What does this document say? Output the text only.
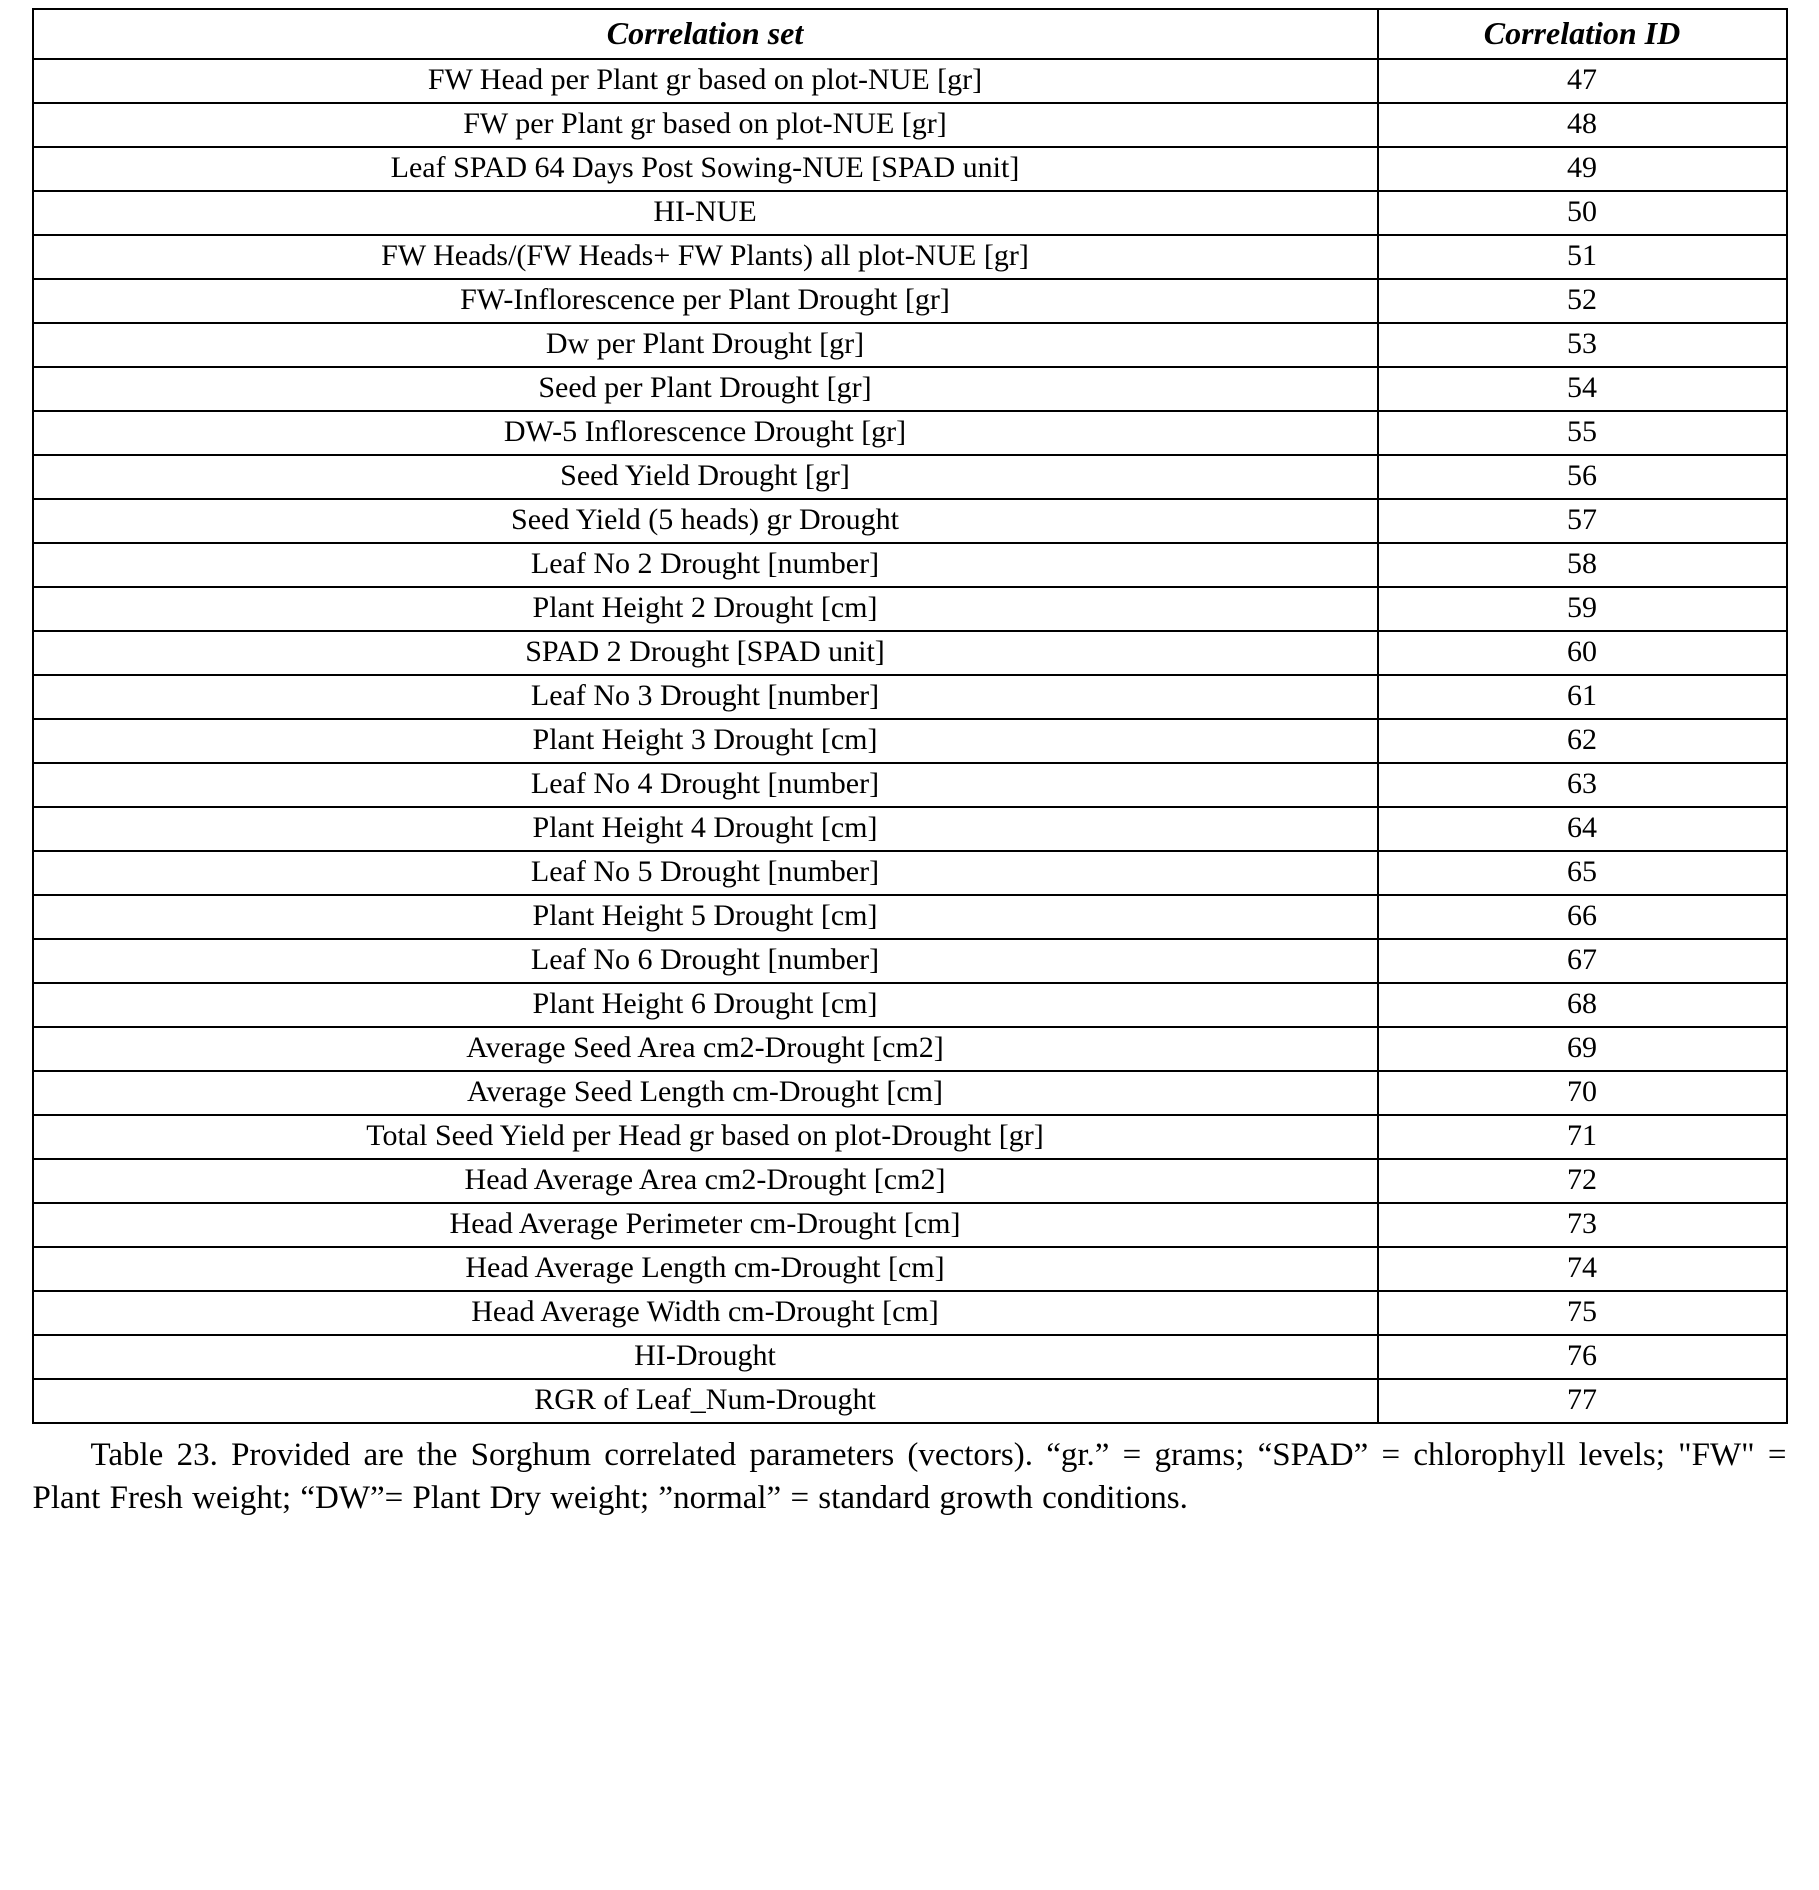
Correlation set	Correlation ID
FW Head per Plant gr based on plot-NUE [gr]	47
FW per Plant gr based on plot-NUE [gr]	48
Leaf SPAD 64 Days Post Sowing-NUE [SPAD unit]	49
HI-NUE	50
FW Heads/(FW Heads+ FW Plants) all plot-NUE [gr]	51
FW-Inflorescence per Plant Drought [gr]	52
Dw per Plant Drought [gr]	53
Seed per Plant Drought [gr]	54
DW-5 Inflorescence Drought [gr]	55
Seed Yield Drought [gr]	56
Seed Yield (5 heads) gr Drought	57
Leaf No 2 Drought [number]	58
Plant Height 2 Drought [cm]	59
SPAD 2 Drought [SPAD unit]	60
Leaf No 3 Drought [number]	61
Plant Height 3 Drought [cm]	62
Leaf No 4 Drought [number]	63
Plant Height 4 Drought [cm]	64
Leaf No 5 Drought [number]	65
Plant Height 5 Drought [cm]	66
Leaf No 6 Drought [number]	67
Plant Height 6 Drought [cm]	68
Average Seed Area cm2-Drought [cm2]	69
Average Seed Length cm-Drought [cm]	70
Total Seed Yield per Head gr based on plot-Drought [gr]	71
Head Average Area cm2-Drought [cm2]	72
Head Average Perimeter cm-Drought [cm]	73
Head Average Length cm-Drought [cm]	74
Head Average Width cm-Drought [cm]	75
HI-Drought	76
RGR of Leaf_Num-Drought	77
Table 23. Provided are the Sorghum correlated parameters (vectors). “gr.” = grams; “SPAD” = chlorophyll levels; "FW" = Plant Fresh weight; “DW”= Plant Dry weight; ”normal” = standard growth conditions.
